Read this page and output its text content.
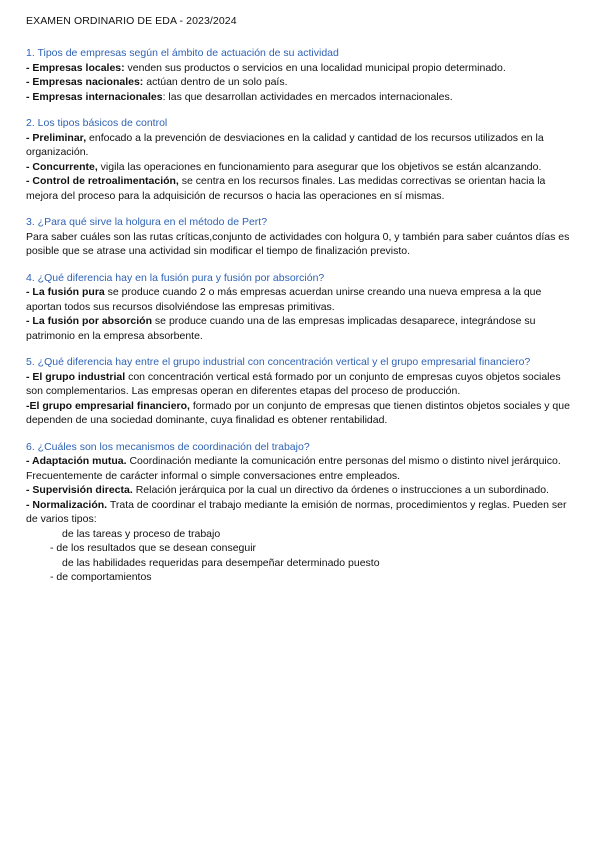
EXAMEN ORDINARIO DE EDA - 2023/2024

1. Tipos de empresas según el ámbito de actuación de su actividad

- Empresas locales: venden sus productos o servicios en una localidad municipal propio determinado.

- Empresas nacionales: actúan dentro de un solo país.

- Empresas internacionales: las que desarrollan actividades en mercados internacionales.

2. Los tipos básicos de control

- Preliminar, enfocado a la prevención de desviaciones en la calidad y cantidad de los recursos utilizados en la organización.

- Concurrente, vigila las operaciones en funcionamiento para asegurar que los objetivos se están alcanzando.

- Control de retroalimentación, se centra en los recursos finales. Las medidas correctivas se orientan hacia la mejora del proceso para la adquisición de recursos o hacia las operaciones en sí mismas.

3. ¿Para qué sirve la holgura en el método de Pert?

Para saber cuáles son las rutas críticas,conjunto de actividades con holgura 0, y también para saber cuántos días es posible que se atrase una actividad sin modificar el tiempo de finalización previsto.

4. ¿Qué diferencia hay en la fusión pura y fusión por absorción?

- La fusión pura se produce cuando 2 o más empresas acuerdan unirse creando una nueva empresa a la que aportan todos sus recursos disolviéndose las empresas primitivas.

- La fusión por absorción se produce cuando una de las empresas implicadas desaparece, integrándose su patrimonio en la empresa absorbente.

5. ¿Qué diferencia hay entre el grupo industrial con concentración vertical y el grupo empresarial financiero?

- El grupo industrial con concentración vertical está formado por un conjunto de empresas cuyos objetos sociales son complementarios. Las empresas operan en diferentes etapas del proceso de producción.

-El grupo empresarial financiero, formado por un conjunto de empresas que tienen distintos objetos sociales y que dependen de una sociedad dominante, cuya finalidad es obtener rentabilidad.

6. ¿Cuáles son los mecanismos de coordinación del trabajo?

- Adaptación mutua. Coordinación mediante la comunicación entre personas del mismo o distinto nivel jerárquico. Frecuentemente de carácter informal o simple conversaciones entre empleados.

- Supervisión directa. Relación jerárquica por la cual un directivo da órdenes o instrucciones a un subordinado.

- Normalización. Trata de coordinar el trabajo mediante la emisión de normas, procedimientos y reglas. Pueden ser de varios tipos:

de las tareas y proceso de trabajo

- de los resultados que se desean conseguir

de las habilidades requeridas para desempeñar determinado puesto

- de comportamientos
